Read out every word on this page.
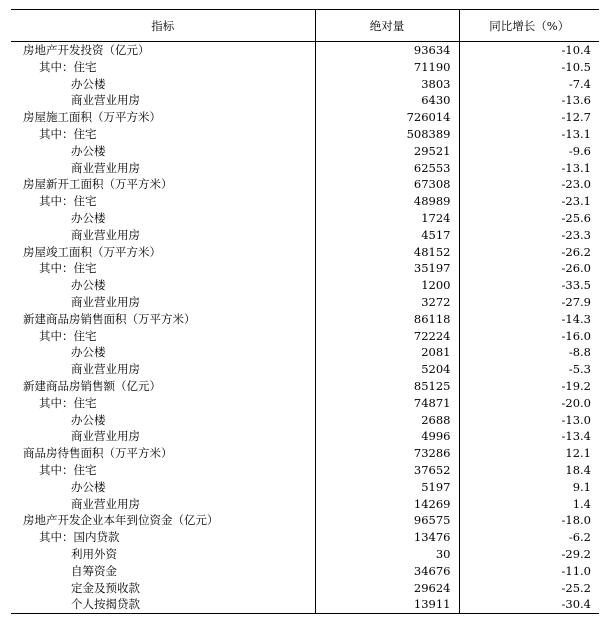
指标	绝对量	同比增长（%）
房地产开发投资（亿元）	93634	-10.4
其中：住宅	71190	-10.5
办公楼	3803	-7.4
商业营业用房	6430	-13.6
房屋施工面积（万平方米）	726014	-12.7
其中：住宅	508389	-13.1
办公楼	29521	-9.6
商业营业用房	62553	-13.1
房屋新开工面积（万平方米）	67308	-23.0
其中：住宅	48989	-23.1
办公楼	1724	-25.6
商业营业用房	4517	-23.3
房屋竣工面积（万平方米）	48152	-26.2
其中：住宅	35197	-26.0
办公楼	1200	-33.5
商业营业用房	3272	-27.9
新建商品房销售面积（万平方米）	86118	-14.3
其中：住宅	72224	-16.0
办公楼	2081	-8.8
商业营业用房	5204	-5.3
新建商品房销售额（亿元）	85125	-19.2
其中：住宅	74871	-20.0
办公楼	2688	-13.0
商业营业用房	4996	-13.4
商品房待售面积（万平方米）	73286	12.1
其中：住宅	37652	18.4
办公楼	5197	9.1
商业营业用房	14269	1.4
房地产开发企业本年到位资金（亿元）	96575	-18.0
其中：国内贷款	13476	-6.2
利用外资	30	-29.2
自筹资金	34676	-11.0
定金及预收款	29624	-25.2
个人按揭贷款	13911	-30.4
